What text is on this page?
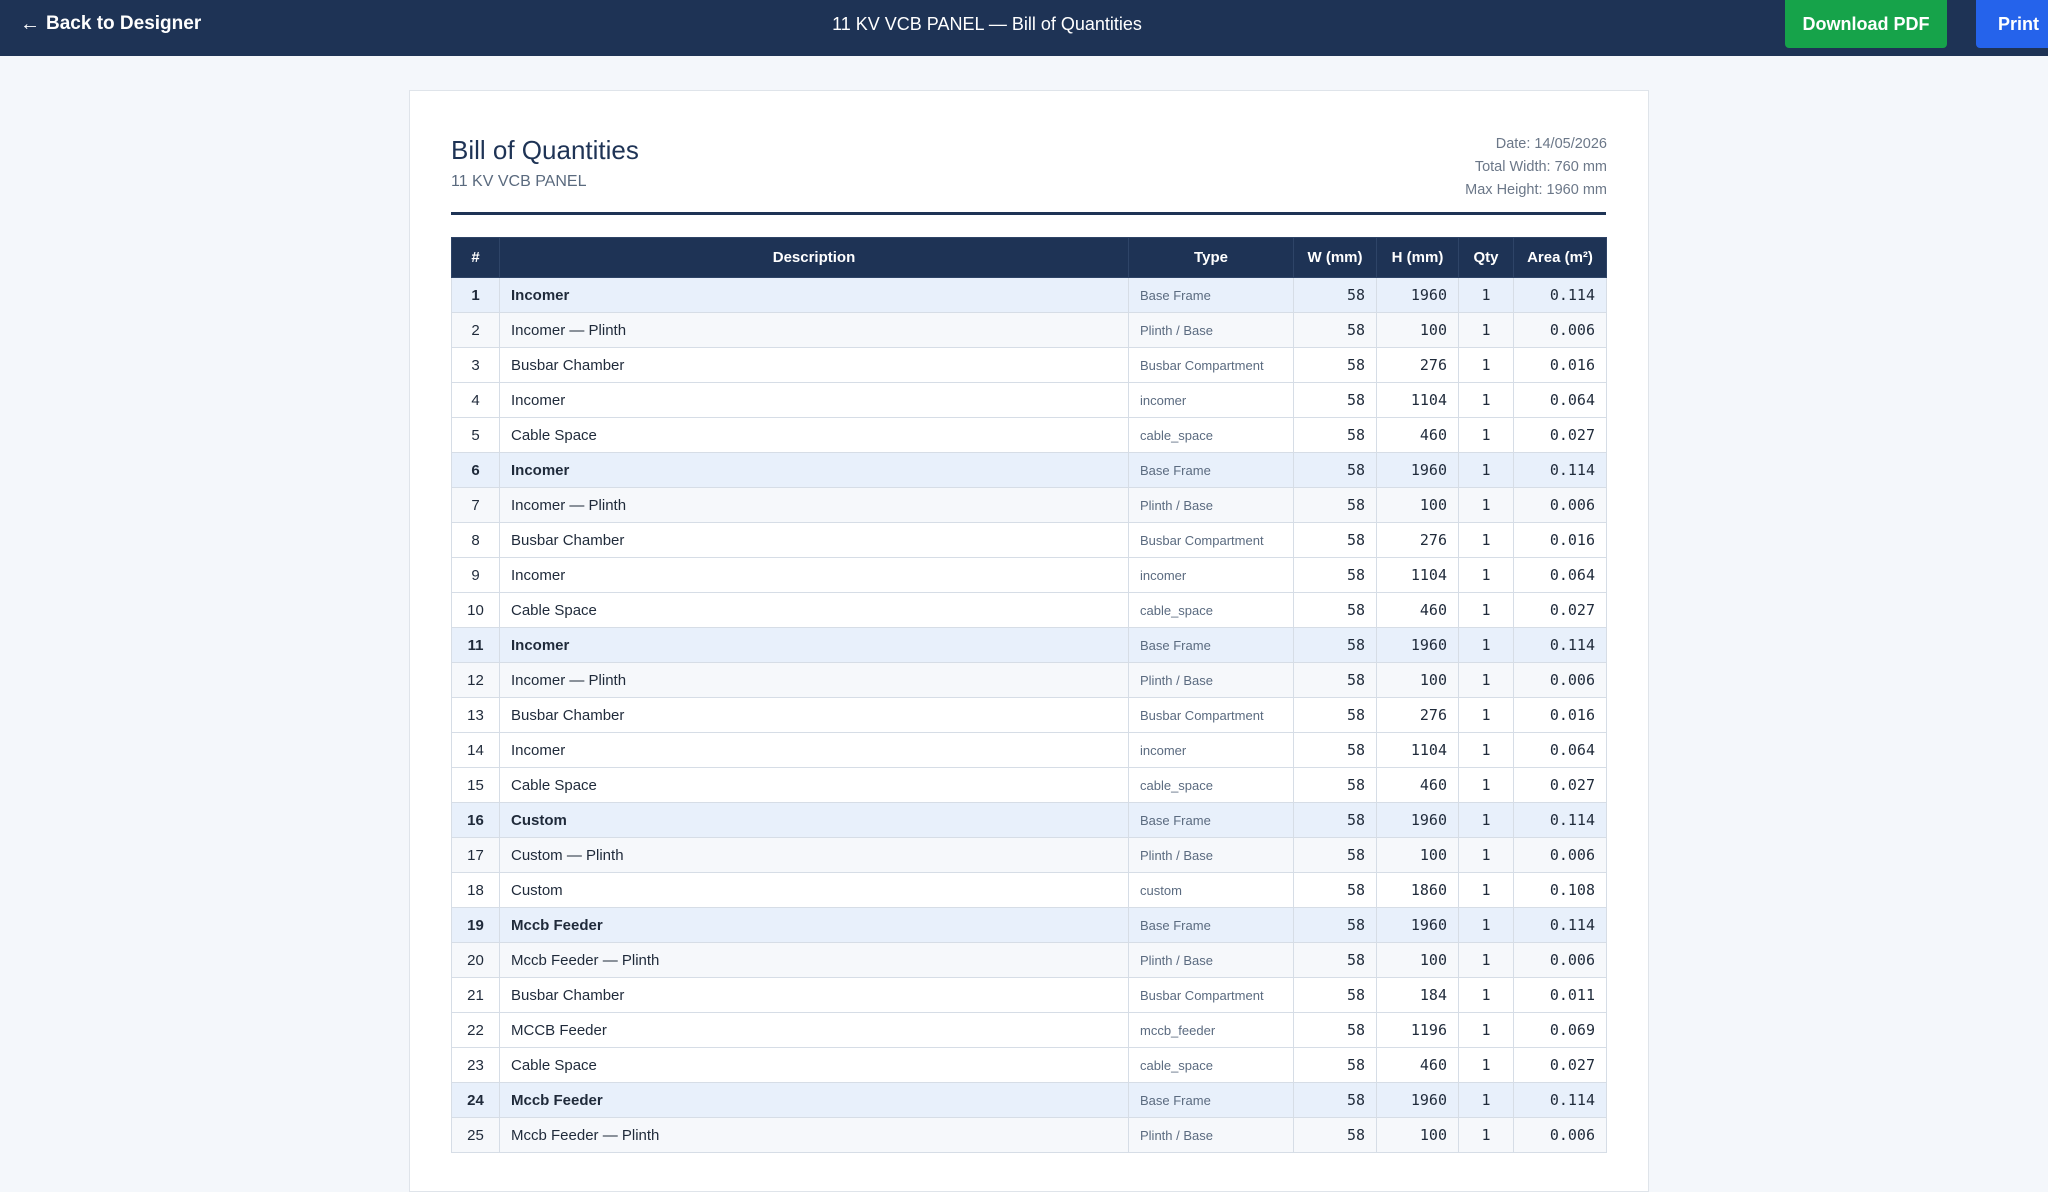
← Back to Designer	11 KV VCB PANEL — Bill of Quantities	Download PDF	Print
Bill of Quantities
11 KV VCB PANEL
Date: 14/05/2026
Total Width: 760 mm
Max Height: 1960 mm
#	Description	Type	W (mm)	H (mm)	Qty	Area (m²)
1	Incomer	Base Frame	58	1960	1	0.114
2	Incomer — Plinth	Plinth / Base	58	100	1	0.006
3	Busbar Chamber	Busbar Compartment	58	276	1	0.016
4	Incomer	incomer	58	1104	1	0.064
5	Cable Space	cable_space	58	460	1	0.027
6	Incomer	Base Frame	58	1960	1	0.114
7	Incomer — Plinth	Plinth / Base	58	100	1	0.006
8	Busbar Chamber	Busbar Compartment	58	276	1	0.016
9	Incomer	incomer	58	1104	1	0.064
10	Cable Space	cable_space	58	460	1	0.027
11	Incomer	Base Frame	58	1960	1	0.114
12	Incomer — Plinth	Plinth / Base	58	100	1	0.006
13	Busbar Chamber	Busbar Compartment	58	276	1	0.016
14	Incomer	incomer	58	1104	1	0.064
15	Cable Space	cable_space	58	460	1	0.027
16	Custom	Base Frame	58	1960	1	0.114
17	Custom — Plinth	Plinth / Base	58	100	1	0.006
18	Custom	custom	58	1860	1	0.108
19	Mccb Feeder	Base Frame	58	1960	1	0.114
20	Mccb Feeder — Plinth	Plinth / Base	58	100	1	0.006
21	Busbar Chamber	Busbar Compartment	58	184	1	0.011
22	MCCB Feeder	mccb_feeder	58	1196	1	0.069
23	Cable Space	cable_space	58	460	1	0.027
24	Mccb Feeder	Base Frame	58	1960	1	0.114
25	Mccb Feeder — Plinth	Plinth / Base	58	100	1	0.006
